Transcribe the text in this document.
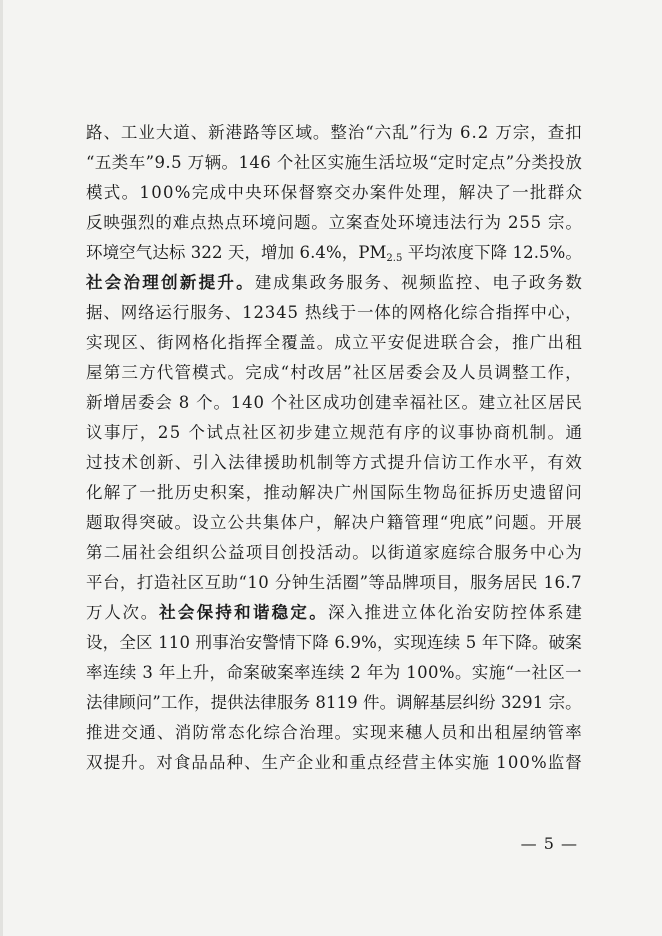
路 、 工 业 大 道 、 新 港 路 等 区 域 。 整 治 “ 六 乱 ” 行 为
6 . 2
万 宗 ， 查 扣
“ 五 类 车 ” 9 . 5
万 辆 。 1 4 6
个 社 区 实 施 生 活 垃 圾 “ 定 时 定 点 ” 分 类 投 放
模 式 。 1 0 0 % 完 成 中 央 环 保 督 察 交 办 案 件 处 理 ， 解 决 了 一 批 群 众
反 映 强 烈 的 难 点 热 点 环 境 问 题 。 立 案 查 处 环 境 违 法 行 为
2 5 5
宗 。
环 境 空 气 达 标
3 2 2
天 ， 增 加
6 . 4 % ， P $M_{2.5}$
平 均 浓 度 下 降
1 2 . 5 % 。
社 会 治 理 创 新 提 升 。 建 成 集 政 务 服 务 、 视 频 监 控 、 电 子 政 务 数
据 、 网 络 运 行 服 务 、 1 2 3 4 5
热 线 于 一 体 的 网 格 化 综 合 指 挥 中 心 ，
实 现 区 、 街 网 格 化 指 挥 全 覆 盖 。 成 立 平 安 促 进 联 合 会 ， 推 广 出 租
屋 第 三 方 代 管 模 式 。 完 成 “ 村 改 居 ” 社 区 居 委 会 及 人 员 调 整 工 作 ，
新 增 居 委 会
8
个 。 1 4 0
个 社 区 成 功 创 建 幸 福 社 区 。 建 立 社 区 居 民
议 事 厅 ， 2 5
个 试 点 社 区 初 步 建 立 规 范 有 序 的 议 事 协 商 机 制 。 通
过 技 术 创 新 、 引 入 法 律 援 助 机 制 等 方 式 提 升 信 访 工 作 水 平 ， 有 效
化 解 了 一 批 历 史 积 案 ， 推 动 解 决 广 州 国 际 生 物 岛 征 拆 历 史 遗 留 问
题 取 得 突 破 。 设 立 公 共 集 体 户 ， 解 决 户 籍 管 理 “ 兜 底 ” 问 题 。 开 展
第 二 届 社 会 组 织 公 益 项 目 创 投 活 动 。 以 街 道 家 庭 综 合 服 务 中 心 为
平 台 ， 打 造 社 区 互 助 “ 1 0
分 钟 生 活 圈 ” 等 品 牌 项 目 ， 服 务 居 民
1 6 . 7
万 人 次 。 社 会 保 持 和 谐 稳 定 。 深 入 推 进 立 体 化 治 安 防 控 体 系 建
设 ， 全 区
1 1 0
刑 事 治 安 警 情 下 降
6 . 9 % ， 实 现 连 续
5
年 下 降 。 破 案
率 连 续
3
年 上 升 ， 命 案 破 案 率 连 续
2
年 为
1 0 0 % 。 实 施 “ 一 社 区 一
法 律 顾 问 ” 工 作 ， 提 供 法 律 服 务
8 1 1 9
件 。 调 解 基 层 纠 纷
3 2 9 1
宗 。
推 进 交 通 、 消 防 常 态 化 综 合 治 理 。 实 现 来 穗 人 员 和 出 租 屋 纳 管 率
双 提 升 。 对 食 品 品 种 、 生 产 企 业 和 重 点 经 营 主 体 实 施
1 0 0 % 监 督
— 5 —
